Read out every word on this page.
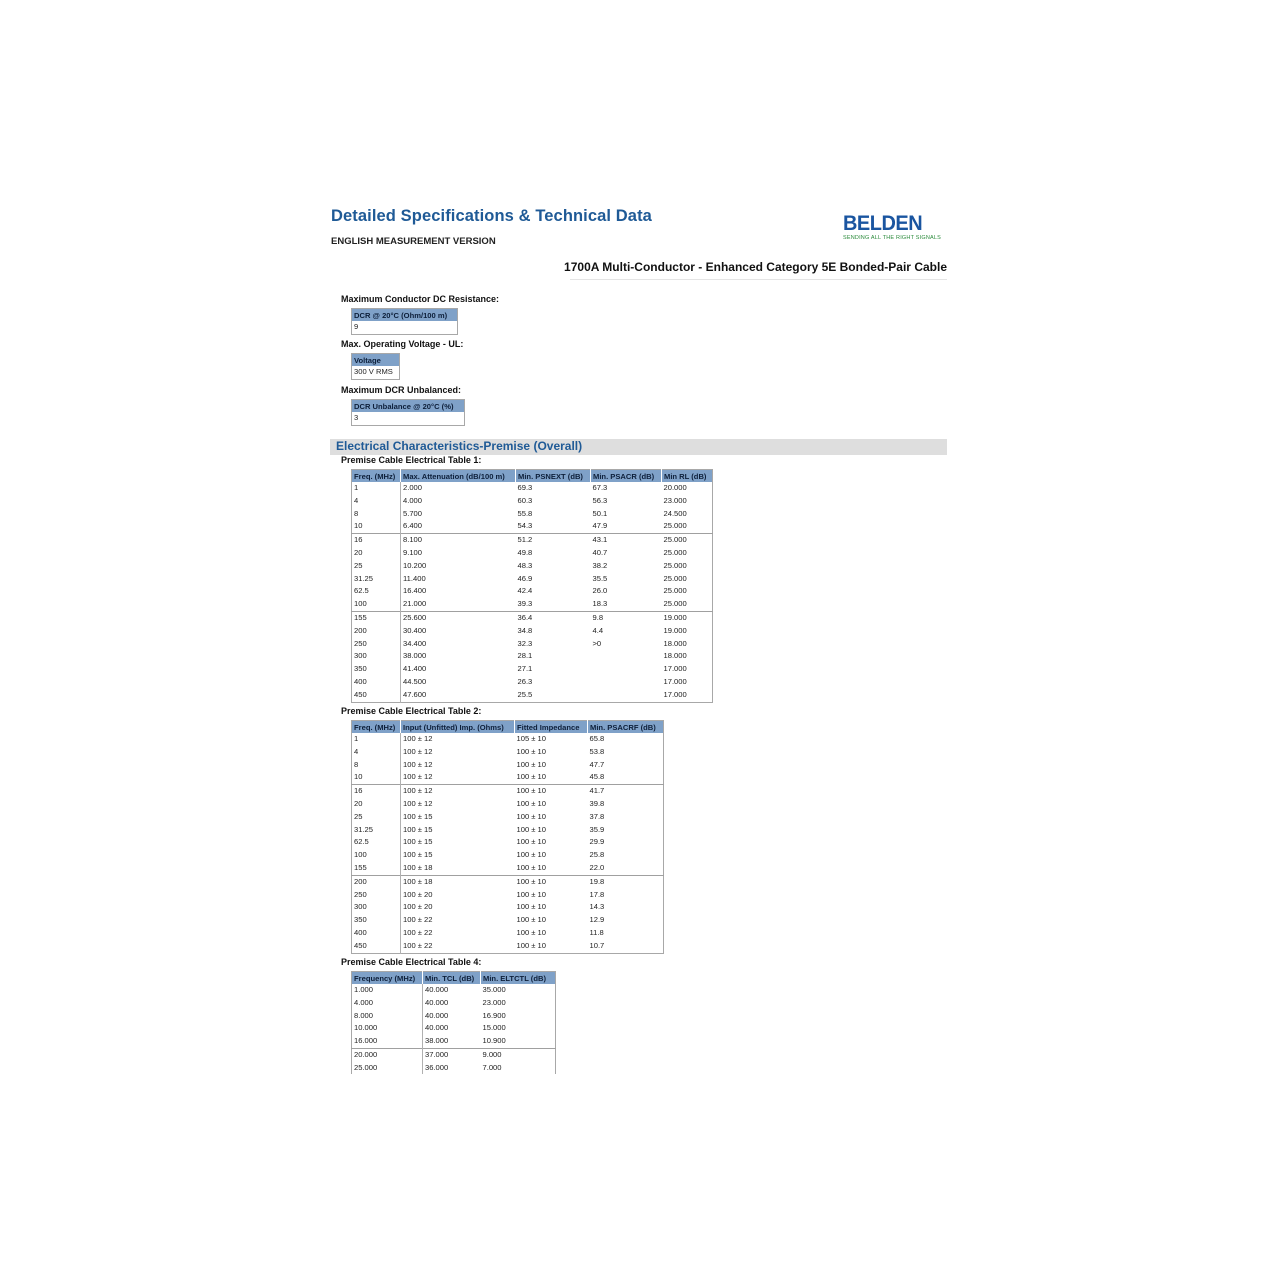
Detailed Specifications & Technical Data
ENGLISH MEASUREMENT VERSION
BELDEN
SENDING ALL THE RIGHT SIGNALS
1700A Multi-Conductor - Enhanced Category 5E Bonded-Pair Cable
Maximum Conductor DC Resistance:
DCR @ 20°C (Ohm/100 m)
9
Max. Operating Voltage - UL:
Voltage
300 V RMS
Maximum DCR Unbalanced:
DCR Unbalance @ 20°C (%)
3
Electrical Characteristics-Premise (Overall)
Premise Cable Electrical Table 1:
Freq. (MHz)	Max. Attenuation (dB/100 m)	Min. PSNEXT (dB)	Min. PSACR (dB)	Min RL (dB)
1	2.000	69.3	67.3	20.000
4	4.000	60.3	56.3	23.000
8	5.700	55.8	50.1	24.500
10	6.400	54.3	47.9	25.000
16	8.100	51.2	43.1	25.000
20	9.100	49.8	40.7	25.000
25	10.200	48.3	38.2	25.000
31.25	11.400	46.9	35.5	25.000
62.5	16.400	42.4	26.0	25.000
100	21.000	39.3	18.3	25.000
155	25.600	36.4	9.8	19.000
200	30.400	34.8	4.4	19.000
250	34.400	32.3	>0	18.000
300	38.000	28.1		18.000
350	41.400	27.1		17.000
400	44.500	26.3		17.000
450	47.600	25.5		17.000
Premise Cable Electrical Table 2:
Freq. (MHz)	Input (Unfitted) Imp. (Ohms)	Fitted Impedance	Min. PSACRF (dB)
1	100 ± 12	105 ± 10	65.8
4	100 ± 12	100 ± 10	53.8
8	100 ± 12	100 ± 10	47.7
10	100 ± 12	100 ± 10	45.8
16	100 ± 12	100 ± 10	41.7
20	100 ± 12	100 ± 10	39.8
25	100 ± 15	100 ± 10	37.8
31.25	100 ± 15	100 ± 10	35.9
62.5	100 ± 15	100 ± 10	29.9
100	100 ± 15	100 ± 10	25.8
155	100 ± 18	100 ± 10	22.0
200	100 ± 18	100 ± 10	19.8
250	100 ± 20	100 ± 10	17.8
300	100 ± 20	100 ± 10	14.3
350	100 ± 22	100 ± 10	12.9
400	100 ± 22	100 ± 10	11.8
450	100 ± 22	100 ± 10	10.7
Premise Cable Electrical Table 4:
Frequency (MHz)	Min. TCL (dB)	Min. ELTCTL (dB)
1.000	40.000	35.000
4.000	40.000	23.000
8.000	40.000	16.900
10.000	40.000	15.000
16.000	38.000	10.900
20.000	37.000	9.000
25.000	36.000	7.000
